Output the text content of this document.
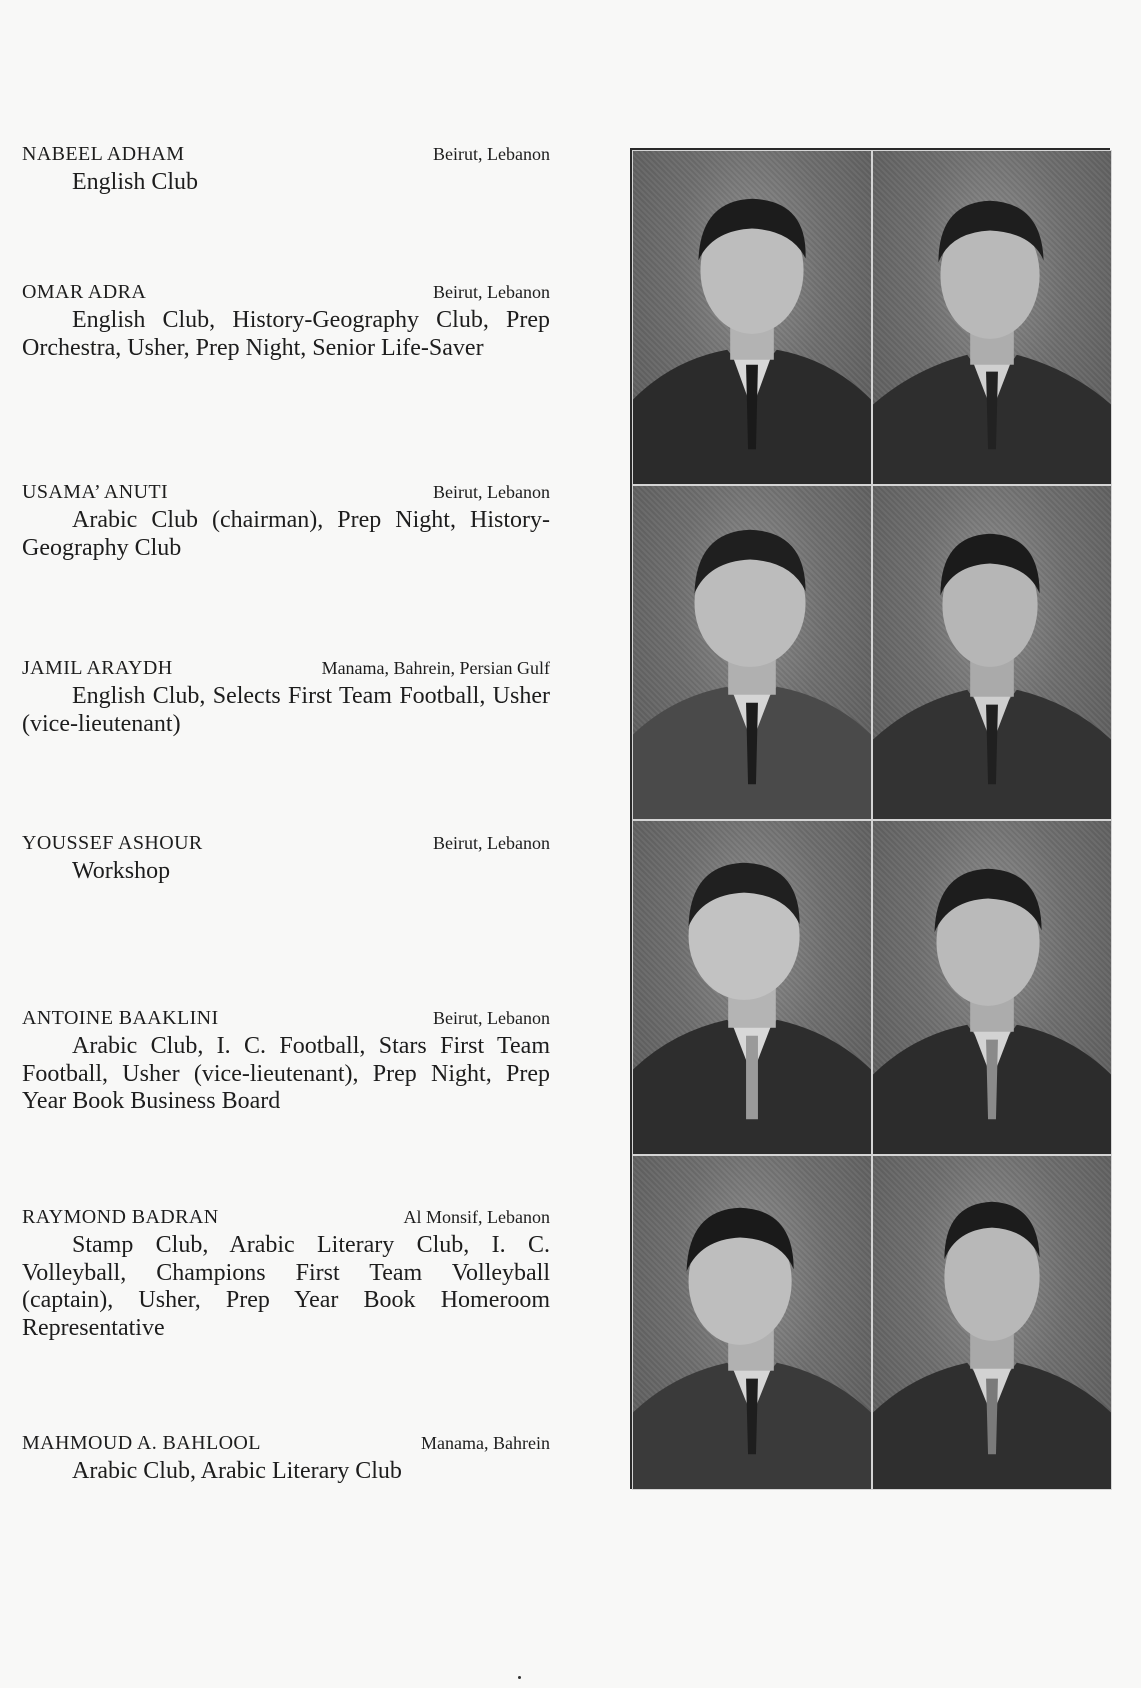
NABEEL ADHAM	Beirut, Lebanon

English Club

OMAR ADRA	Beirut, Lebanon

English Club, History-Geography Club, Prep Orchestra, Usher, Prep Night, Senior Life-Saver

USAMA’ ANUTI	Beirut, Lebanon

Arabic Club (chairman), Prep Night, History-Geography Club

JAMIL ARAYDH	Manama, Bahrein, Persian Gulf

English Club, Selects First Team Football, Usher (vice-lieutenant)

YOUSSEF ASHOUR	Beirut, Lebanon

Workshop

ANTOINE BAAKLINI	Beirut, Lebanon

Arabic Club, I. C. Football, Stars First Team Football, Usher (vice-lieutenant), Prep Night, Prep Year Book Business Board

RAYMOND BADRAN	Al Monsif, Lebanon

Stamp Club, Arabic Literary Club, I. C. Volleyball, Champions First Team Volleyball (captain), Usher, Prep Year Book Homeroom Representative

MAHMOUD A. BAHLOOL	Manama, Bahrein

Arabic Club, Arabic Literary Club
